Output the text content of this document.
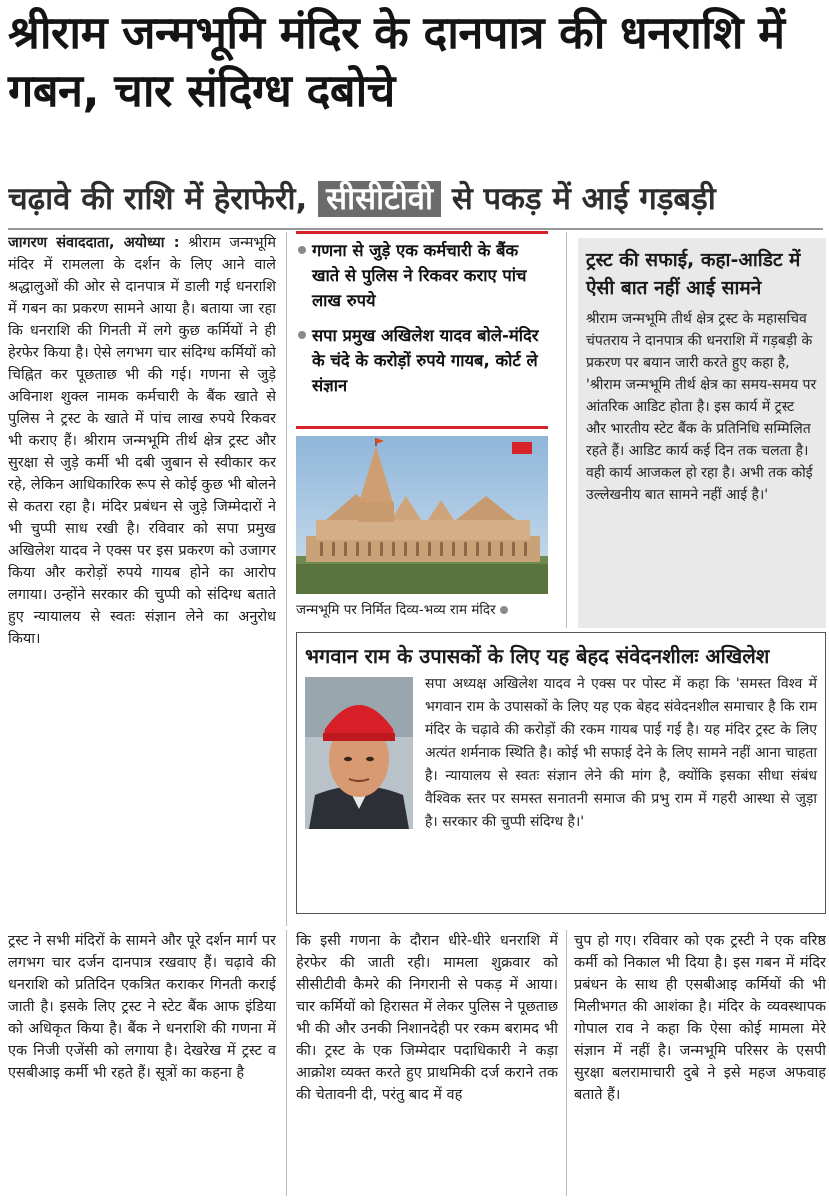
श्रीराम जन्मभूमि मंदिर के दानपात्र की धनराशि में गबन, चार संदिग्ध दबोचे
चढ़ावे की राशि में हेराफेरी, सीसीटीवी से पकड़ में आई गड़बड़ी
जागरण संवाददाता, अयोध्या : श्रीराम जन्मभूमि मंदिर में रामलला के दर्शन के लिए आने वाले श्रद्धालुओं की ओर से दानपात्र में डाली गई धनराशि में गबन का प्रकरण सामने आया है। बताया जा रहा कि धनराशि की गिनती में लगे कुछ कर्मियों ने ही हेरफेर किया है। ऐसे लगभग चार संदिग्ध कर्मियों को चिह्नित कर पूछताछ भी की गई। गणना से जुड़े अविनाश शुक्ल नामक कर्मचारी के बैंक खाते से पुलिस ने ट्रस्ट के खाते में पांच लाख रुपये रिकवर भी कराए हैं। श्रीराम जन्मभूमि तीर्थ क्षेत्र ट्रस्ट और सुरक्षा से जुड़े कर्मी भी दबी जुबान से स्वीकार कर रहे, लेकिन आधिकारिक रूप से कोई कुछ भी बोलने से कतरा रहा है। मंदिर प्रबंधन से जुड़े जिम्मेदारों ने भी चुप्पी साध रखी है। रविवार को सपा प्रमुख अखिलेश यादव ने एक्स पर इस प्रकरण को उजागर किया और करोड़ों रुपये गायब होने का आरोप लगाया। उन्होंने सरकार की चुप्पी को संदिग्ध बताते हुए न्यायालय से स्वतः संज्ञान लेने का अनुरोध किया।
गणना से जुड़े एक कर्मचारी के बैंक खाते से पुलिस ने रिकवर कराए पांच लाख रुपये
सपा प्रमुख अखिलेश यादव बोले-मंदिर के चंदे के करोड़ों रुपये गायब, कोर्ट ले संज्ञान
जन्मभूमि पर निर्मित दिव्य-भव्य राम मंदिर
ट्रस्ट की सफाई, कहा-आडिट में ऐसी बात नहीं आई सामने
श्रीराम जन्मभूमि तीर्थ क्षेत्र ट्रस्ट के महासचिव चंपतराय ने दानपात्र की धनराशि में गड़बड़ी के प्रकरण पर बयान जारी करते हुए कहा है, 'श्रीराम जन्मभूमि तीर्थ क्षेत्र का समय-समय पर आंतरिक आडिट होता है। इस कार्य में ट्रस्ट और भारतीय स्टेट बैंक के प्रतिनिधि सम्मिलित रहते हैं। आडिट कार्य कई दिन तक चलता है। वही कार्य आजकल हो रहा है। अभी तक कोई उल्लेखनीय बात सामने नहीं आई है।'
भगवान राम के उपासकों के लिए यह बेहद संवेदनशीलः अखिलेश
सपा अध्यक्ष अखिलेश यादव ने एक्स पर पोस्ट में कहा कि 'समस्त विश्व में भगवान राम के उपासकों के लिए यह एक बेहद संवेदनशील समाचार है कि राम मंदिर के चढ़ावे की करोड़ों की रकम गायब पाई गई है। यह मंदिर ट्रस्ट के लिए अत्यंत शर्मनाक स्थिति है। कोई भी सफाई देने के लिए सामने नहीं आना चाहता है। न्यायालय से स्वतः संज्ञान लेने की मांग है, क्योंकि इसका सीधा संबंध वैश्विक स्तर पर समस्त सनातनी समाज की प्रभु राम में गहरी आस्था से जुड़ा है। सरकार की चुप्पी संदिग्ध है।'
ट्रस्ट ने सभी मंदिरों के सामने और पूरे दर्शन मार्ग पर लगभग चार दर्जन दानपात्र रखवाए हैं। चढ़ावे की धनराशि को प्रतिदिन एकत्रित कराकर गिनती कराई जाती है। इसके लिए ट्रस्ट ने स्टेट बैंक आफ इंडिया को अधिकृत किया है। बैंक ने धनराशि की गणना में एक निजी एजेंसी को लगाया है। देखरेख में ट्रस्ट व एसबीआइ कर्मी भी रहते हैं। सूत्रों का कहना है
कि इसी गणना के दौरान धीरे-धीरे धनराशि में हेरफेर की जाती रही। मामला शुक्रवार को सीसीटीवी कैमरे की निगरानी से पकड़ में आया। चार कर्मियों को हिरासत में लेकर पुलिस ने पूछताछ भी की और उनकी निशानदेही पर रकम बरामद भी की। ट्रस्ट के एक जिम्मेदार पदाधिकारी ने कड़ा आक्रोश व्यक्त करते हुए प्राथमिकी दर्ज कराने तक की चेतावनी दी, परंतु बाद में वह
चुप हो गए। रविवार को एक ट्रस्टी ने एक वरिष्ठ कर्मी को निकाल भी दिया है। इस गबन में मंदिर प्रबंधन के साथ ही एसबीआइ कर्मियों की भी मिलीभगत की आशंका है। मंदिर के व्यवस्थापक गोपाल राव ने कहा कि ऐसा कोई मामला मेरे संज्ञान में नहीं है। जन्मभूमि परिसर के एसपी सुरक्षा बलरामाचारी दुबे ने इसे महज अफवाह बताते हैं।
